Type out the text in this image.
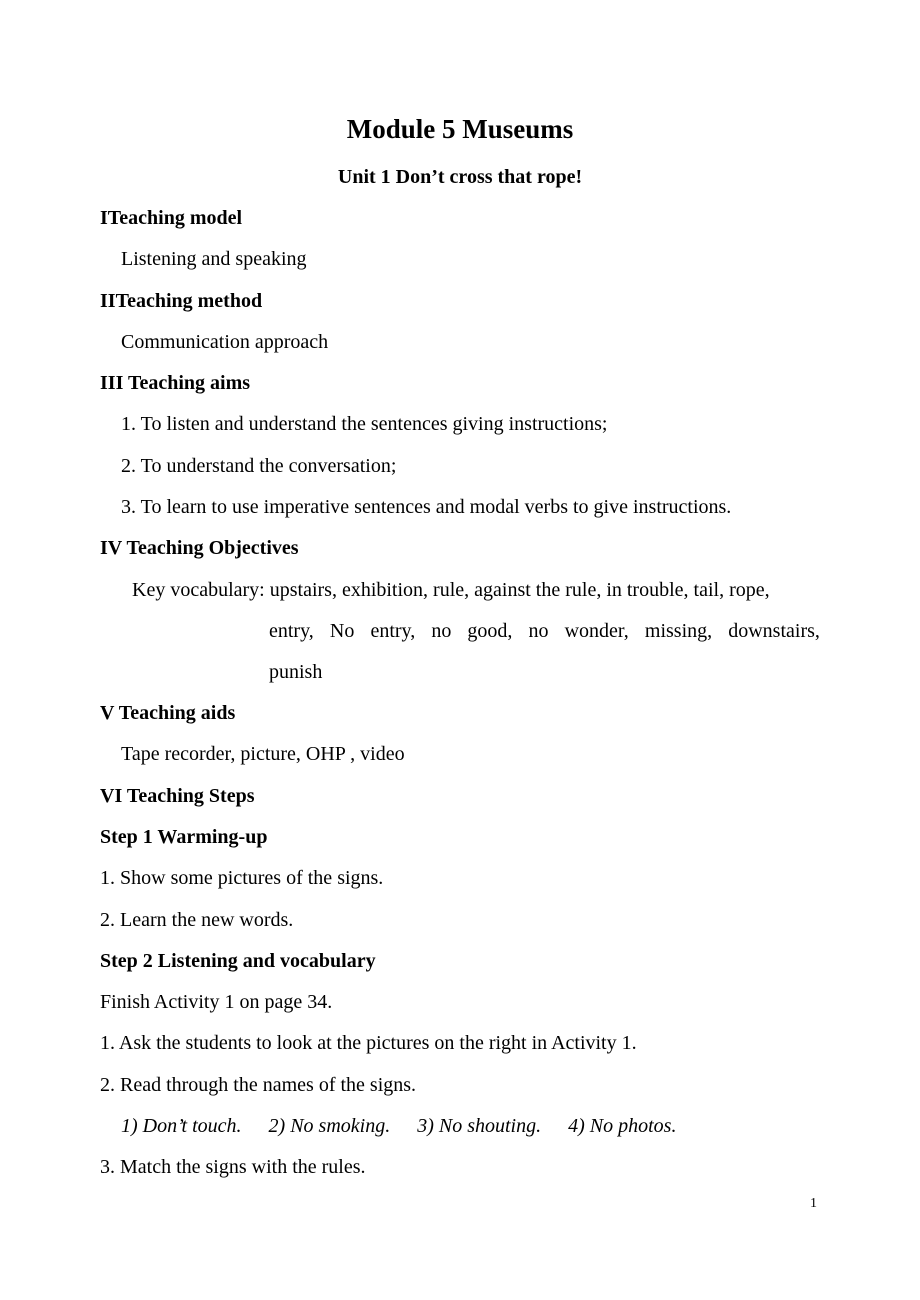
Module 5 Museums
Unit 1 Don’t cross that rope!
ITeaching model
Listening and speaking
IITeaching method
Communication approach
III Teaching aims
1. To listen and understand the sentences giving instructions;
2. To understand the conversation;
3. To learn to use imperative sentences and modal verbs to give instructions.
IV Teaching Objectives
Key vocabulary: upstairs, exhibition, rule, against the rule, in trouble, tail, rope,
entry, No entry, no good, no wonder, missing, downstairs,
punish
V Teaching aids
Tape recorder, picture, OHP , video
VI Teaching Steps
Step 1 Warming-up
1. Show some pictures of the signs.
2. Learn the new words.
Step 2 Listening and vocabulary
Finish Activity 1 on page 34.
1. Ask the students to look at the pictures on the right in Activity 1.
2. Read through the names of the signs.
1) Don’t touch. 2) No smoking. 3) No shouting. 4) No photos.
3. Match the signs with the rules.
1
